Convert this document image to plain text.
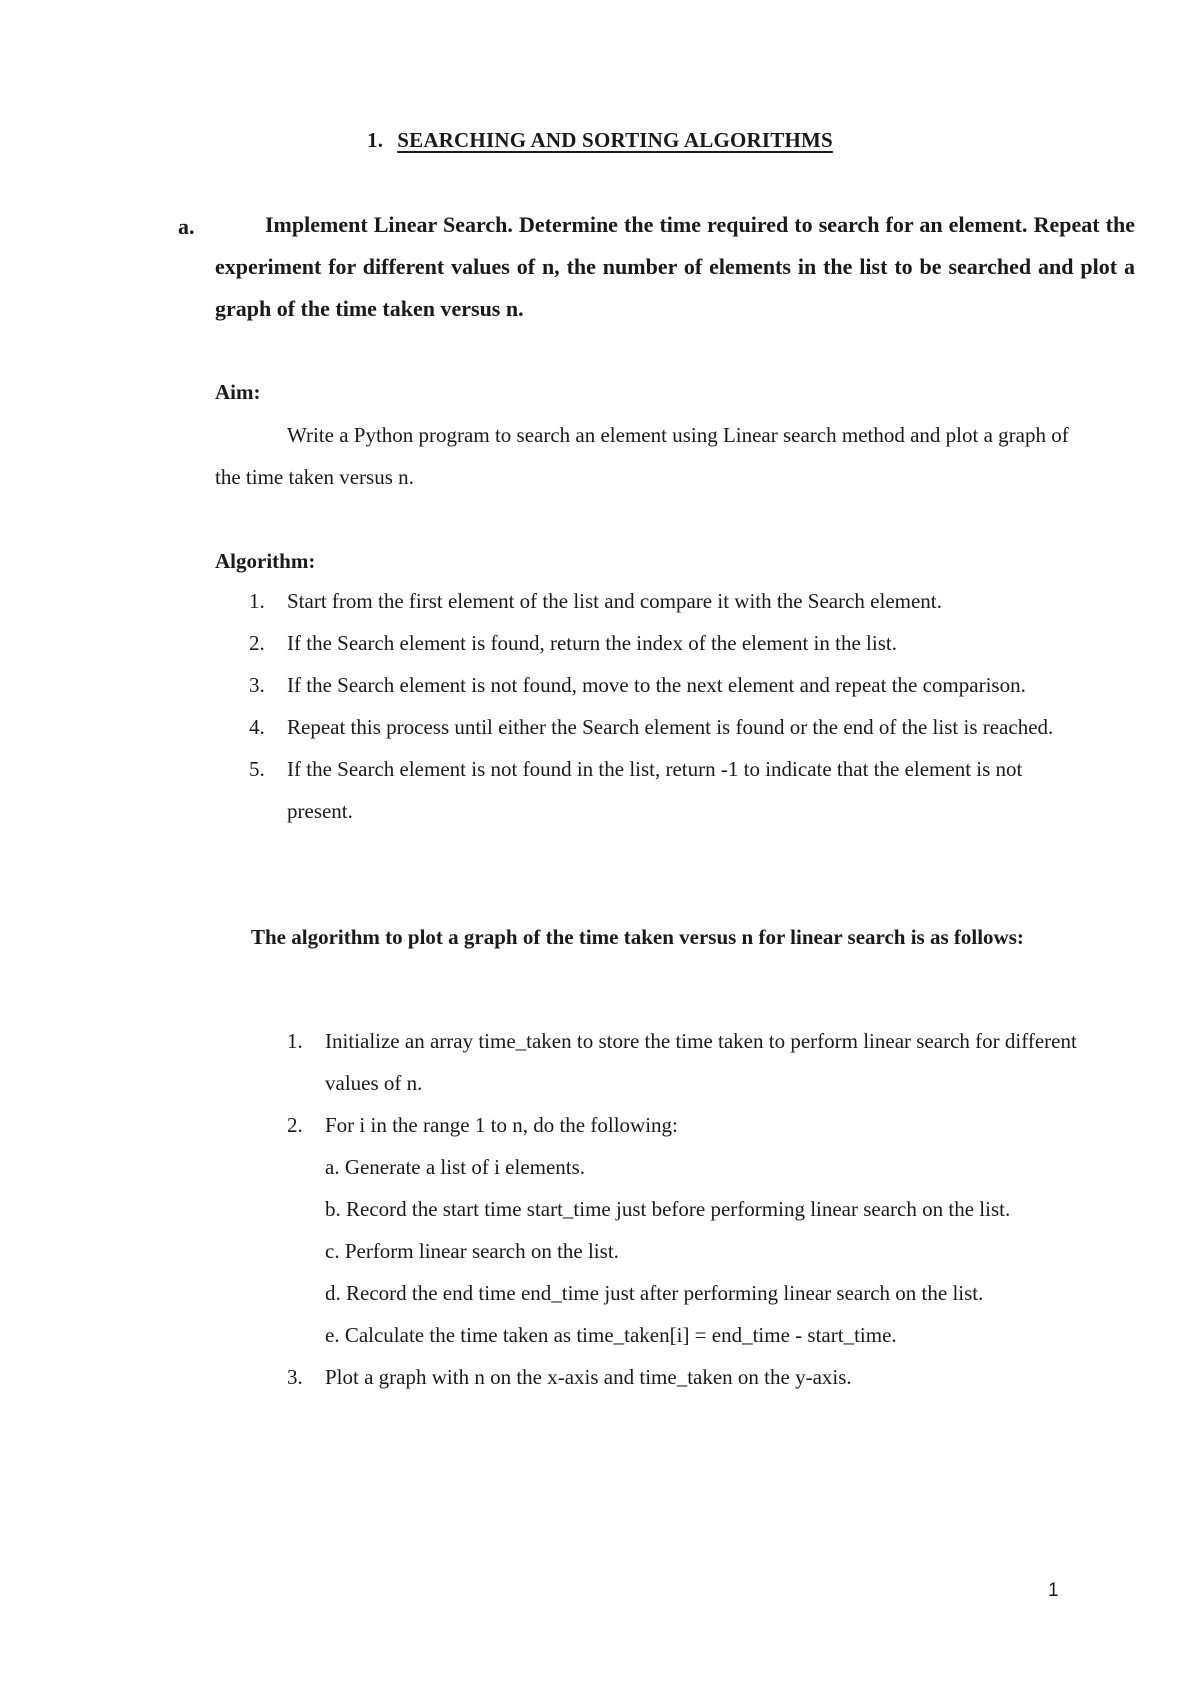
1. SEARCHING AND SORTING ALGORITHMS
a.	Implement Linear Search. Determine the time required to search for an element. Repeat the experiment for different values of n, the number of elements in the list to be searched and plot a graph of the time taken versus n.
Aim:
Write a Python program to search an element using Linear search method and plot a graph of the time taken versus n.
Algorithm:
1. Start from the first element of the list and compare it with the Search element.
2. If the Search element is found, return the index of the element in the list.
3. If the Search element is not found, move to the next element and repeat the comparison.
4. Repeat this process until either the Search element is found or the end of the list is reached.
5. If the Search element is not found in the list, return -1 to indicate that the element is not present.
The algorithm to plot a graph of the time taken versus n for linear search is as follows:
1. Initialize an array time_taken to store the time taken to perform linear search for different values of n.
2. For i in the range 1 to n, do the following:
a. Generate a list of i elements.
b. Record the start time start_time just before performing linear search on the list.
c. Perform linear search on the list.
d. Record the end time end_time just after performing linear search on the list.
e. Calculate the time taken as time_taken[i] = end_time - start_time.
3. Plot a graph with n on the x-axis and time_taken on the y-axis.
1
